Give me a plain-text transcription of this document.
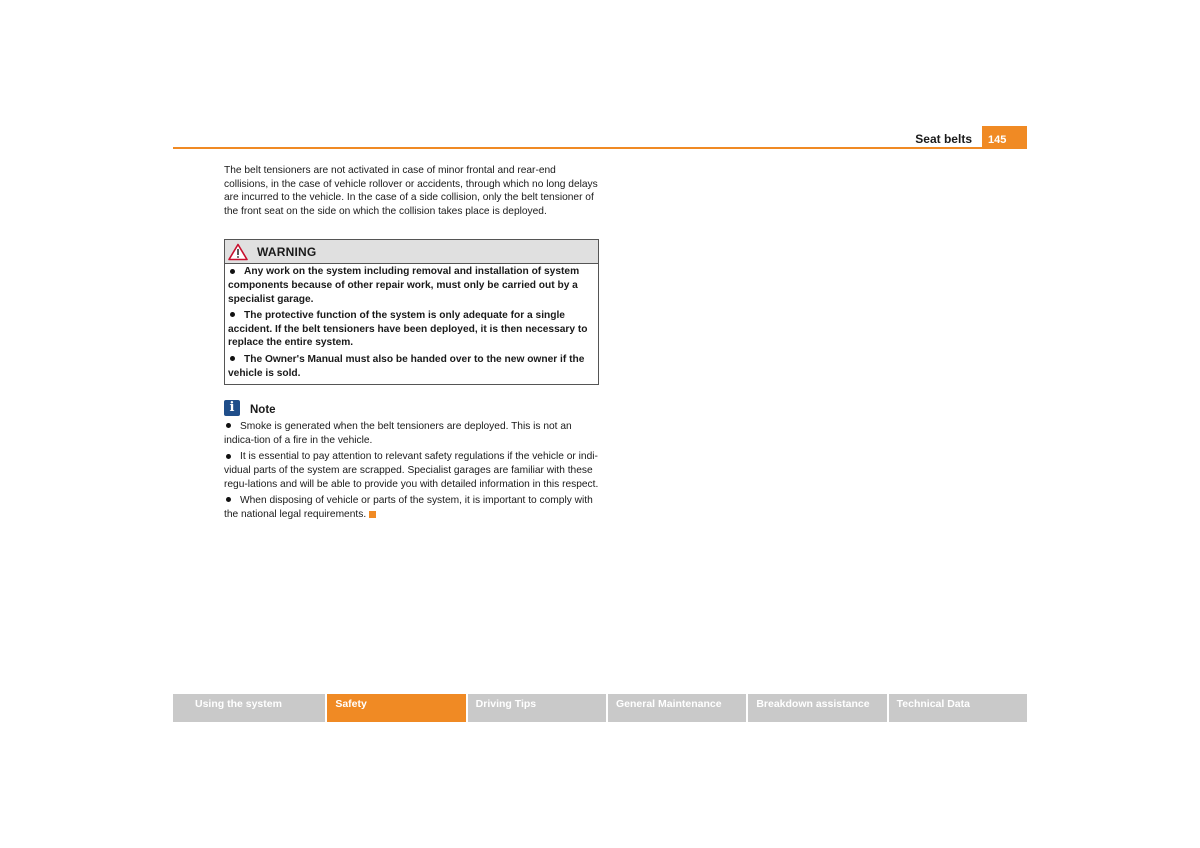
Seat belts	145

The belt tensioners are not activated in case of minor frontal and rear-end collisions, in the case of vehicle rollover or accidents, through which no long delays are incurred to the vehicle. In the case of a side collision, only the belt tensioner of the front seat on the side on which the collision takes place is deployed.

WARNING

Any work on the system including removal and installation of system components because of other repair work, must only be carried out by a specialist garage.

The protective function of the system is only adequate for a single accident. If the belt tensioners have been deployed, it is then necessary to replace the entire system.

The Owner's Manual must also be handed over to the new owner if the vehicle is sold.

i	Note

Smoke is generated when the belt tensioners are deployed. This is not an indica-tion of a fire in the vehicle.

It is essential to pay attention to relevant safety regulations if the vehicle or indi-vidual parts of the system are scrapped. Specialist garages are familiar with these regu-lations and will be able to provide you with detailed information in this respect.

When disposing of vehicle or parts of the system, it is important to comply with the national legal requirements.

Using the system	Safety	Driving Tips	General Maintenance	Breakdown assistance	Technical Data
